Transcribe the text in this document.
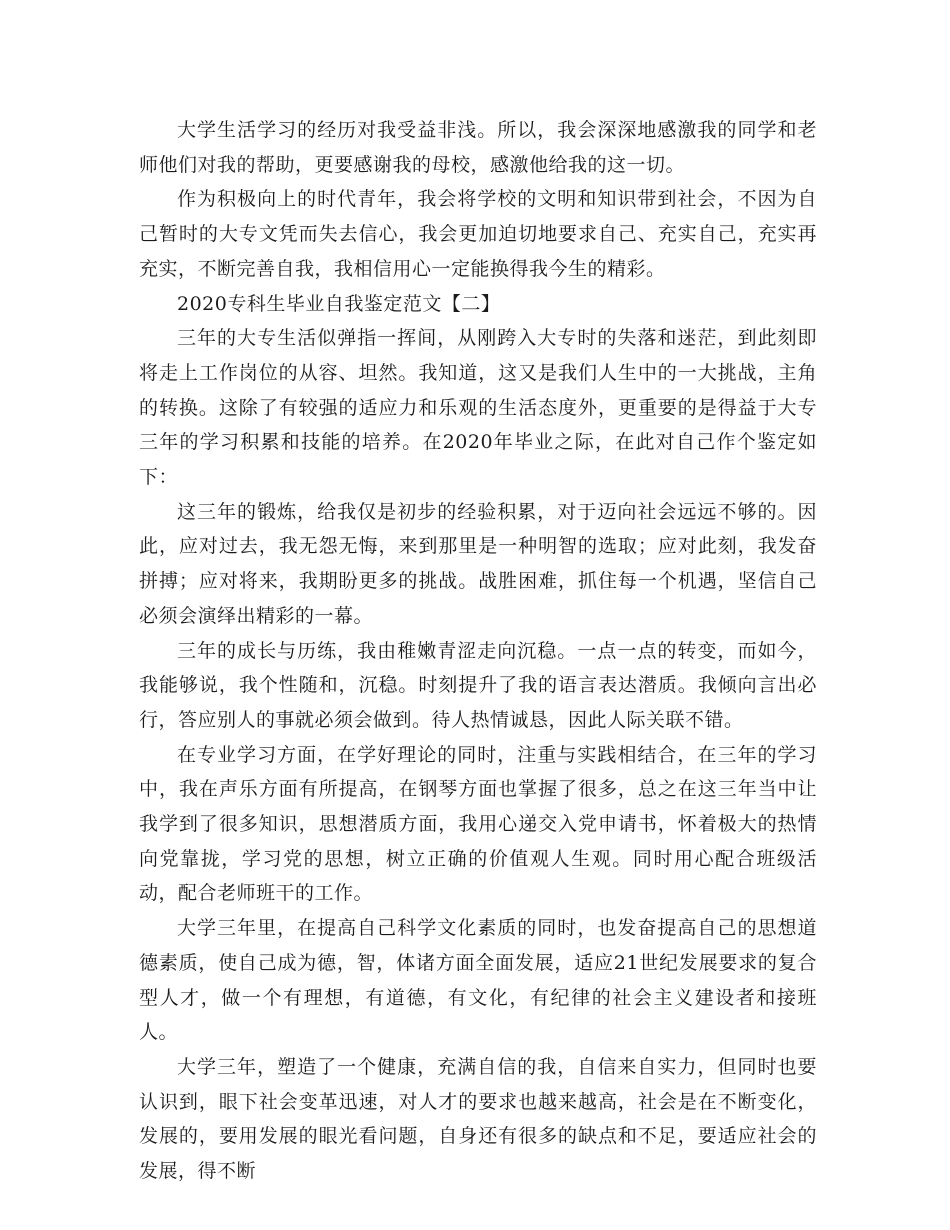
大学生活学习的经历对我受益非浅。所以，我会深深地感激我的同学和老师他们对我的帮助，更要感谢我的母校，感激他给我的这一切。

作为积极向上的时代青年，我会将学校的文明和知识带到社会，不因为自己暂时的大专文凭而失去信心，我会更加迫切地要求自己、充实自己，充实再充实，不断完善自我，我相信用心一定能换得我今生的精彩。

2020专科生毕业自我鉴定范文【二】

三年的大专生活似弹指一挥间，从刚跨入大专时的失落和迷茫，到此刻即将走上工作岗位的从容、坦然。我知道，这又是我们人生中的一大挑战，主角的转换。这除了有较强的适应力和乐观的生活态度外，更重要的是得益于大专三年的学习积累和技能的培养。在2020年毕业之际，在此对自己作个鉴定如下：

这三年的锻炼，给我仅是初步的经验积累，对于迈向社会远远不够的。因此，应对过去，我无怨无悔，来到那里是一种明智的选取；应对此刻，我发奋拼搏；应对将来，我期盼更多的挑战。战胜困难，抓住每一个机遇，坚信自己必须会演绎出精彩的一幕。

三年的成长与历练，我由稚嫩青涩走向沉稳。一点一点的转变，而如今，我能够说，我个性随和，沉稳。时刻提升了我的语言表达潜质。我倾向言出必行，答应别人的事就必须会做到。待人热情诚恳，因此人际关联不错。

在专业学习方面，在学好理论的同时，注重与实践相结合，在三年的学习中，我在声乐方面有所提高，在钢琴方面也掌握了很多，总之在这三年当中让我学到了很多知识，思想潜质方面，我用心递交入党申请书，怀着极大的热情向党靠拢，学习党的思想，树立正确的价值观人生观。同时用心配合班级活动，配合老师班干的工作。

大学三年里，在提高自己科学文化素质的同时，也发奋提高自己的思想道德素质，使自己成为德，智，体诸方面全面发展，适应21世纪发展要求的复合型人才，做一个有理想，有道德，有文化，有纪律的社会主义建设者和接班人。

大学三年，塑造了一个健康，充满自信的我，自信来自实力，但同时也要认识到，眼下社会变革迅速，对人才的要求也越来越高，社会是在不断变化，发展的，要用发展的眼光看问题，自身还有很多的缺点和不足，要适应社会的发展，得不断
